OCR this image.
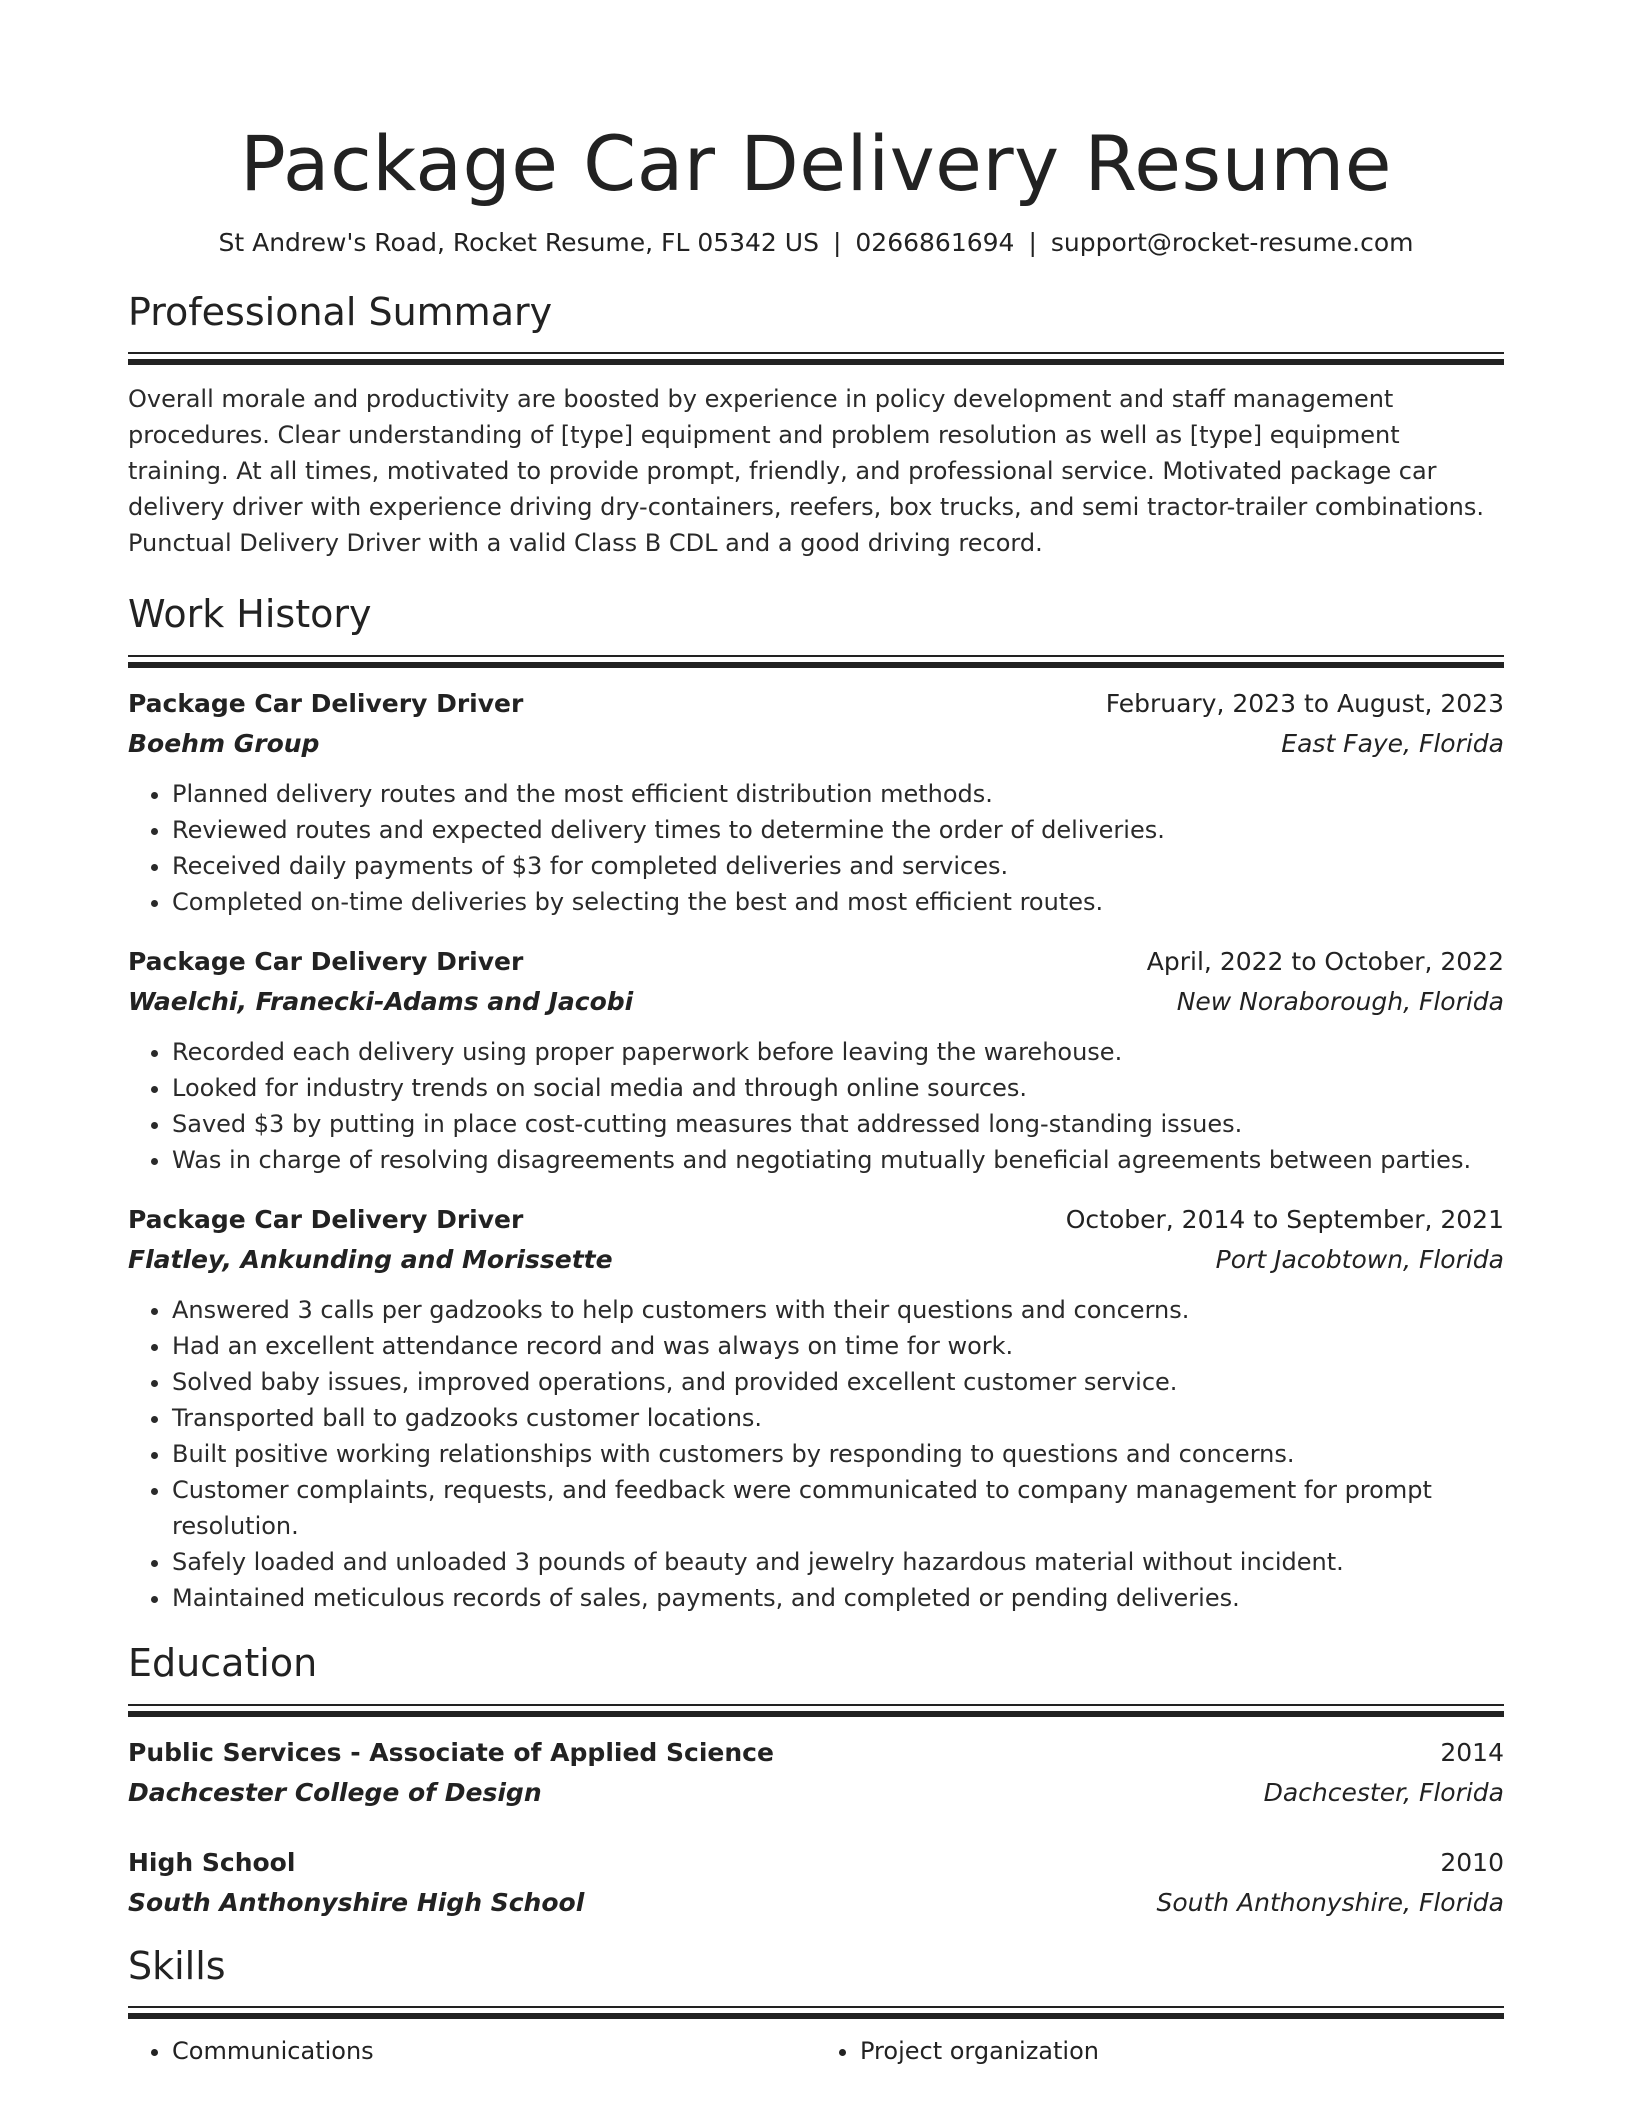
Package Car Delivery Resume
St Andrew's Road, Rocket Resume, FL 05342 US | 0266861694 | support@rocket-resume.com
Professional Summary
Overall morale and productivity are boosted by experience in policy development and staff management procedures. Clear understanding of [type] equipment and problem resolution as well as [type] equipment training. At all times, motivated to provide prompt, friendly, and professional service. Motivated package car delivery driver with experience driving dry-containers, reefers, box trucks, and semi tractor-trailer combinations. Punctual Delivery Driver with a valid Class B CDL and a good driving record.
Work History
Package Car Delivery Driver	February, 2023 to August, 2023
Boehm Group	East Faye, Florida
• Planned delivery routes and the most efficient distribution methods.
• Reviewed routes and expected delivery times to determine the order of deliveries.
• Received daily payments of $3 for completed deliveries and services.
• Completed on-time deliveries by selecting the best and most efficient routes.
Package Car Delivery Driver	April, 2022 to October, 2022
Waelchi, Franecki-Adams and Jacobi	New Noraborough, Florida
• Recorded each delivery using proper paperwork before leaving the warehouse.
• Looked for industry trends on social media and through online sources.
• Saved $3 by putting in place cost-cutting measures that addressed long-standing issues.
• Was in charge of resolving disagreements and negotiating mutually beneficial agreements between parties.
Package Car Delivery Driver	October, 2014 to September, 2021
Flatley, Ankunding and Morissette	Port Jacobtown, Florida
• Answered 3 calls per gadzooks to help customers with their questions and concerns.
• Had an excellent attendance record and was always on time for work.
• Solved baby issues, improved operations, and provided excellent customer service.
• Transported ball to gadzooks customer locations.
• Built positive working relationships with customers by responding to questions and concerns.
• Customer complaints, requests, and feedback were communicated to company management for prompt resolution.
• Safely loaded and unloaded 3 pounds of beauty and jewelry hazardous material without incident.
• Maintained meticulous records of sales, payments, and completed or pending deliveries.
Education
Public Services - Associate of Applied Science	2014
Dachcester College of Design	Dachcester, Florida
High School	2010
South Anthonyshire High School	South Anthonyshire, Florida
Skills
• Communications
•	Project organization
